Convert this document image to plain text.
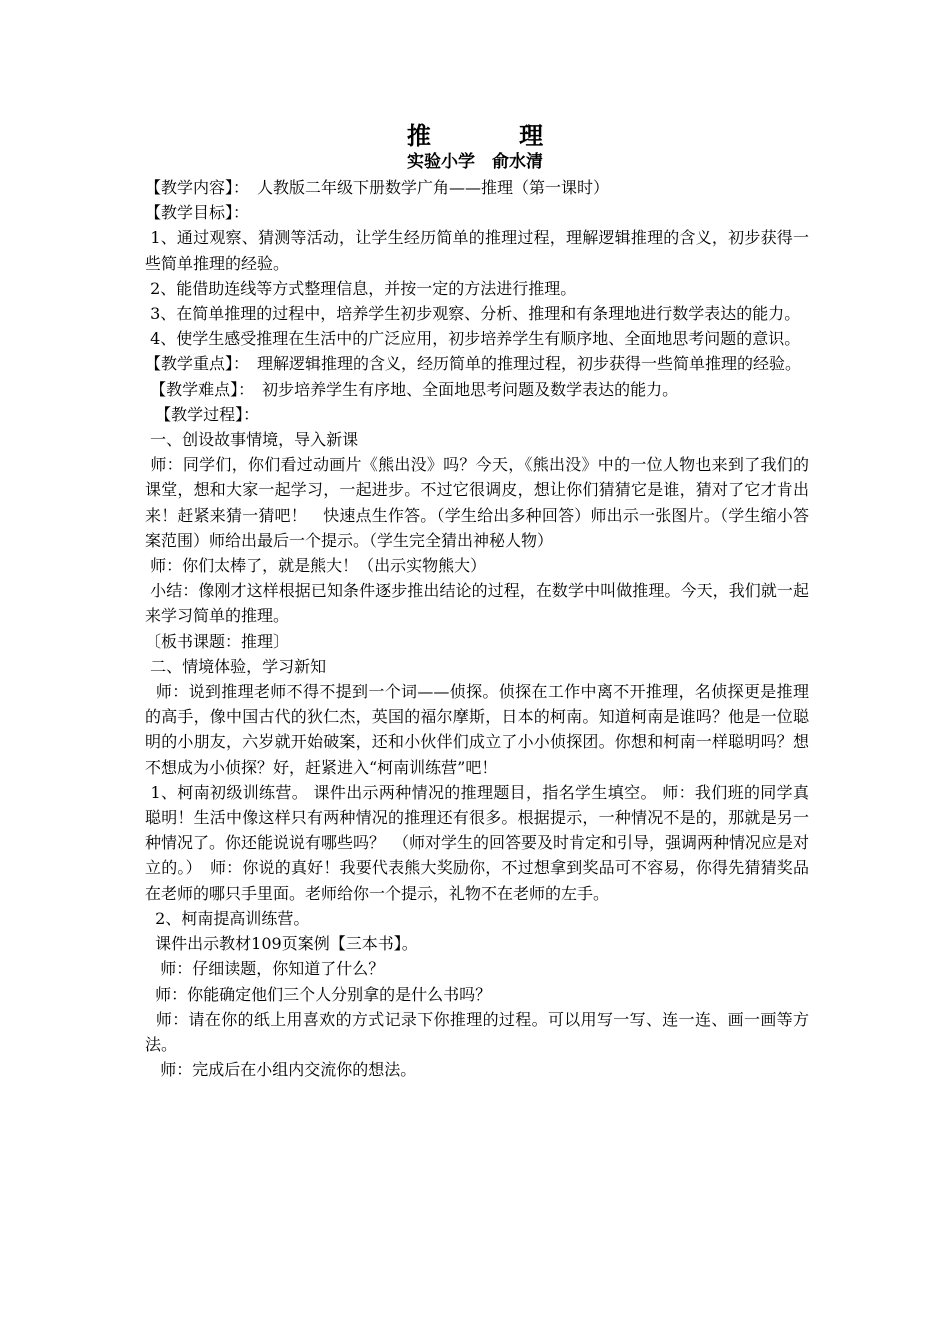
推 理
实验小学　俞水清

【教学内容】：　人教版二年级下册数学广角——推理（第一课时）

【教学目标】：

1、通过观察、猜测等活动，让学生经历简单的推理过程，理解逻辑推理的含义，初步获得一些简单推理的经验。

2、能借助连线等方式整理信息，并按一定的方法进行推理。

3、在简单推理的过程中，培养学生初步观察、分析、推理和有条理地进行数学表达的能力。

4、使学生感受推理在生活中的广泛应用，初步培养学生有顺序地、全面地思考问题的意识。

【教学重点】：　理解逻辑推理的含义，经历简单的推理过程，初步获得一些简单推理的经验。

【教学难点】：　初步培养学生有序地、全面地思考问题及数学表达的能力。

【教学过程】：

一、创设故事情境，导入新课

师：同学们，你们看过动画片《熊出没》吗？今天，《熊出没》中的一位人物也来到了我们的课堂，想和大家一起学习，一起进步。不过它很调皮，想让你们猜猜它是谁，猜对了它才肯出来！赶紧来猜一猜吧！　快速点生作答。（学生给出多种回答）师出示一张图片。（学生缩小答案范围）师给出最后一个提示。（学生完全猜出神秘人物）

师：你们太棒了，就是熊大！（出示实物熊大）

小结：像刚才这样根据已知条件逐步推出结论的过程，在数学中叫做推理。今天，我们就一起来学习简单的推理。

〔板书课题：推理〕

二、情境体验，学习新知

师：说到推理老师不得不提到一个词——侦探。侦探在工作中离不开推理，名侦探更是推理的高手，像中国古代的狄仁杰，英国的福尔摩斯，日本的柯南。知道柯南是谁吗？他是一位聪明的小朋友，六岁就开始破案，还和小伙伴们成立了小小侦探团。你想和柯南一样聪明吗？想不想成为小侦探？好，赶紧进入“柯南训练营”吧！

1、柯南初级训练营。 课件出示两种情况的推理题目，指名学生填空。 师：我们班的同学真聪明！生活中像这样只有两种情况的推理还有很多。根据提示，一种情况不是的，那就是另一种情况了。你还能说说有哪些吗？　（师对学生的回答要及时肯定和引导，强调两种情况应是对立的。）　师：你说的真好！我要代表熊大奖励你，不过想拿到奖品可不容易，你得先猜猜奖品在老师的哪只手里面。老师给你一个提示，礼物不在老师的左手。

2、柯南提高训练营。

课件出示教材109页案例【三本书】。

师：仔细读题，你知道了什么？

师：你能确定他们三个人分别拿的是什么书吗？

师：请在你的纸上用喜欢的方式记录下你推理的过程。可以用写一写、连一连、画一画等方法。

师：完成后在小组内交流你的想法。
